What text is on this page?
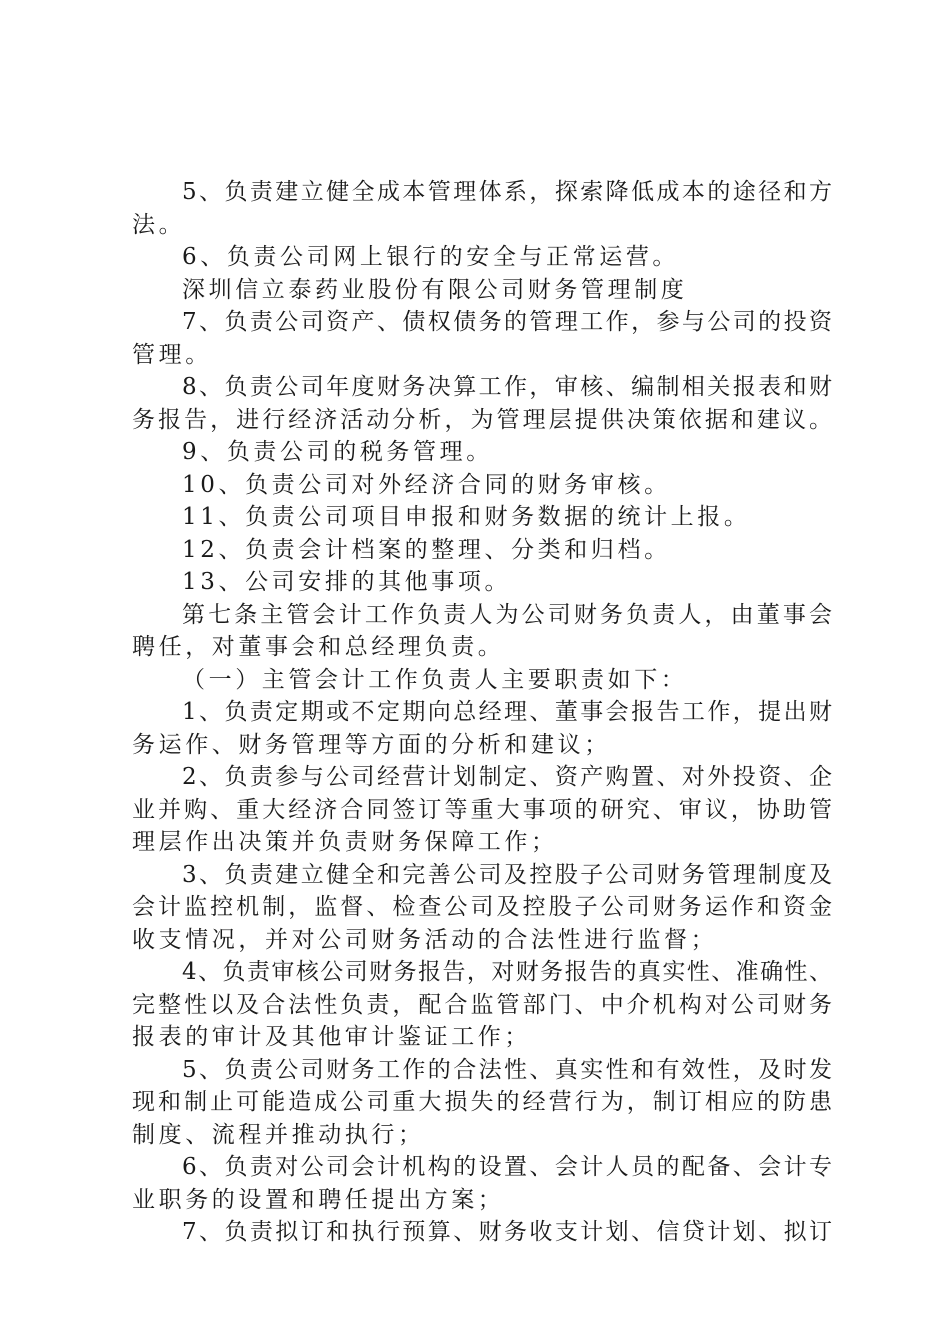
5、负责建立健全成本管理体系，探索降低成本的途径和方
法。
6、负责公司网上银行的安全与正常运营。
深圳信立泰药业股份有限公司财务管理制度
7、负责公司资产、债权债务的管理工作，参与公司的投资
管理。
8、负责公司年度财务决算工作，审核、编制相关报表和财
务报告，进行经济活动分析，为管理层提供决策依据和建议。
9、负责公司的税务管理。
10、负责公司对外经济合同的财务审核。
11、负责公司项目申报和财务数据的统计上报。
12、负责会计档案的整理、分类和归档。
13、公司安排的其他事项。
第七条主管会计工作负责人为公司财务负责人，由董事会
聘任，对董事会和总经理负责。
（一）主管会计工作负责人主要职责如下：
1、负责定期或不定期向总经理、董事会报告工作，提出财
务运作、财务管理等方面的分析和建议；
2、负责参与公司经营计划制定、资产购置、对外投资、企
业并购、重大经济合同签订等重大事项的研究、审议，协助管
理层作出决策并负责财务保障工作；
3、负责建立健全和完善公司及控股子公司财务管理制度及
会计监控机制，监督、检查公司及控股子公司财务运作和资金
收支情况，并对公司财务活动的合法性进行监督；
4、负责审核公司财务报告，对财务报告的真实性、准确性、
完整性以及合法性负责，配合监管部门、中介机构对公司财务
报表的审计及其他审计鉴证工作；
5、负责公司财务工作的合法性、真实性和有效性，及时发
现和制止可能造成公司重大损失的经营行为，制订相应的防患
制度、流程并推动执行；
6、负责对公司会计机构的设置、会计人员的配备、会计专
业职务的设置和聘任提出方案；
7、负责拟订和执行预算、财务收支计划、信贷计划、拟订
